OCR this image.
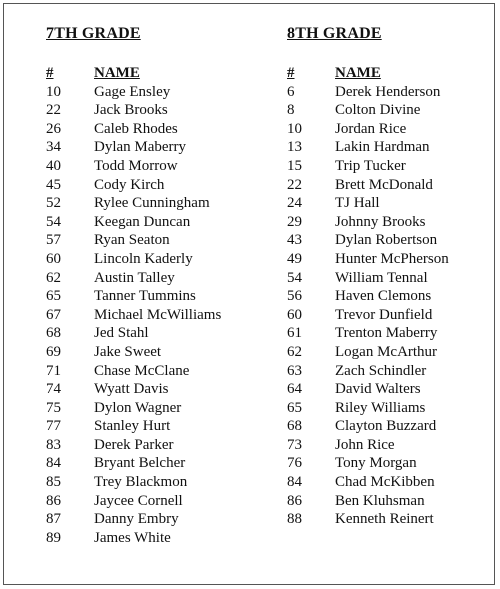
7TH GRADE
#	NAME
10	Gage Ensley
22	Jack Brooks
26	Caleb Rhodes
34	Dylan Maberry
40	Todd Morrow
45	Cody Kirch
52	Rylee Cunningham
54	Keegan Duncan
57	Ryan Seaton
60	Lincoln Kaderly
62	Austin Talley
65	Tanner Tummins
67	Michael McWilliams
68	Jed Stahl
69	Jake Sweet
71	Chase McClane
74	Wyatt Davis
75	Dylon Wagner
77	Stanley Hurt
83	Derek Parker
84	Bryant Belcher
85	Trey Blackmon
86	Jaycee Cornell
87	Danny Embry
89	James White
8TH GRADE
#	NAME
6	Derek Henderson
8	Colton Divine
10	Jordan Rice
13	Lakin Hardman
15	Trip Tucker
22	Brett McDonald
24	TJ Hall
29	Johnny Brooks
43	Dylan Robertson
49	Hunter McPherson
54	William Tennal
56	Haven Clemons
60	Trevor Dunfield
61	Trenton Maberry
62	Logan McArthur
63	Zach Schindler
64	David Walters
65	Riley Williams
68	Clayton Buzzard
73	John Rice
76	Tony Morgan
84	Chad McKibben
86	Ben Kluhsman
88	Kenneth Reinert
